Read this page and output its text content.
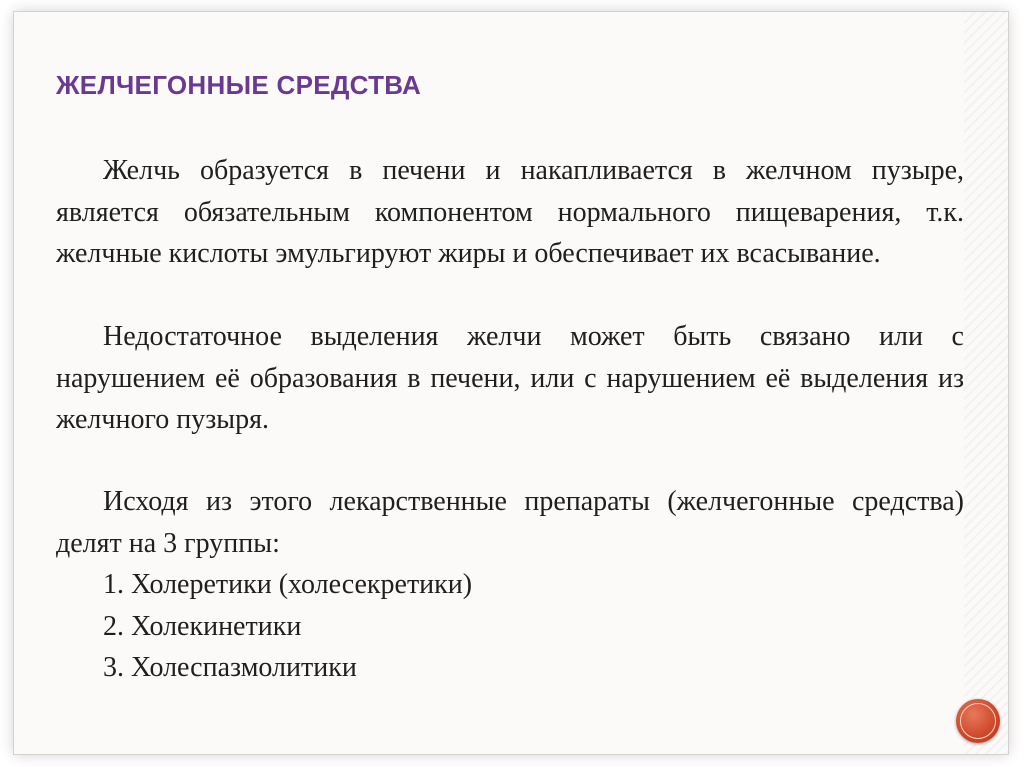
ЖЕЛЧЕГОННЫЕ СРЕДСТВА

Желчь образуется в печени и накапливается в желчном пузыре, является обязательным компонентом нормального пищеварения, т.к. желчные кислоты эмульгируют жиры и обеспечивает их всасывание.

Недостаточное выделения желчи может быть связано или с нарушением её образования в печени, или с нарушением её выделения из желчного пузыря.

Исходя из этого лекарственные препараты (желчегонные средства) делят на 3 группы:

1. Холеретики (холесекретики)
2. Холекинетики
3. Холеспазмолитики
